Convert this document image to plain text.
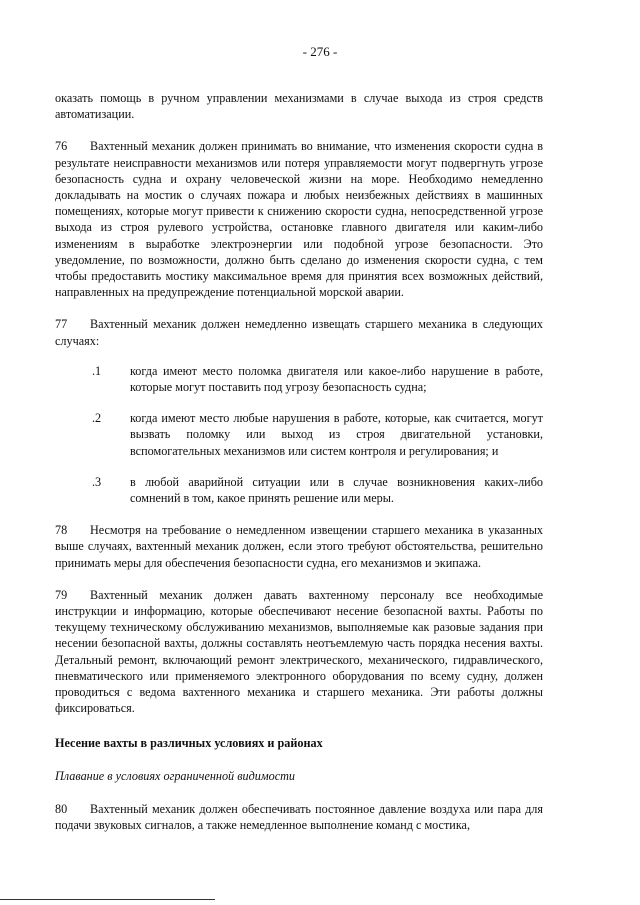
- 276 -

оказать помощь в ручном управлении механизмами в случае выхода из строя средств автоматизации.

76 Вахтенный механик должен принимать во внимание, что изменения скорости судна в результате неисправности механизмов или потеря управляемости могут подвергнуть угрозе безопасность судна и охрану человеческой жизни на море. Необходимо немедленно докладывать на мостик о случаях пожара и любых неизбежных действиях в машинных помещениях, которые могут привести к снижению скорости судна, непосредственной угрозе выхода из строя рулевого устройства, остановке главного двигателя или каким-либо изменениям в выработке электроэнергии или подобной угрозе безопасности. Это уведомление, по возможности, должно быть сделано до изменения скорости судна, с тем чтобы предоставить мостику максимальное время для принятия всех возможных действий, направленных на предупреждение потенциальной морской аварии.

77 Вахтенный механик должен немедленно извещать старшего механика в следующих случаях:

.1	когда имеют место поломка двигателя или какое-либо нарушение в работе, которые могут поставить под угрозу безопасность судна;
.2	когда имеют место любые нарушения в работе, которые, как считается, могут вызвать поломку или выход из строя двигательной установки, вспомогательных механизмов или систем контроля и регулирования; и
.3	в любой аварийной ситуации или в случае возникновения каких-либо сомнений в том, какое принять решение или меры.

78 Несмотря на требование о немедленном извещении старшего механика в указанных выше случаях, вахтенный механик должен, если этого требуют обстоятельства, решительно принимать меры для обеспечения безопасности судна, его механизмов и экипажа.

79 Вахтенный механик должен давать вахтенному персоналу все необходимые инструкции и информацию, которые обеспечивают несение безопасной вахты. Работы по текущему техническому обслуживанию механизмов, выполняемые как разовые задания при несении безопасной вахты, должны составлять неотъемлемую часть порядка несения вахты. Детальный ремонт, включающий ремонт электрического, механического, гидравлического, пневматического или применяемого электронного оборудования по всему судну, должен проводиться с ведома вахтенного механика и старшего механика. Эти работы должны фиксироваться.

Несение вахты в различных условиях и районах

Плавание в условиях ограниченной видимости

80 Вахтенный механик должен обеспечивать постоянное давление воздуха или пара для подачи звуковых сигналов, а также немедленное выполнение команд с мостика,
